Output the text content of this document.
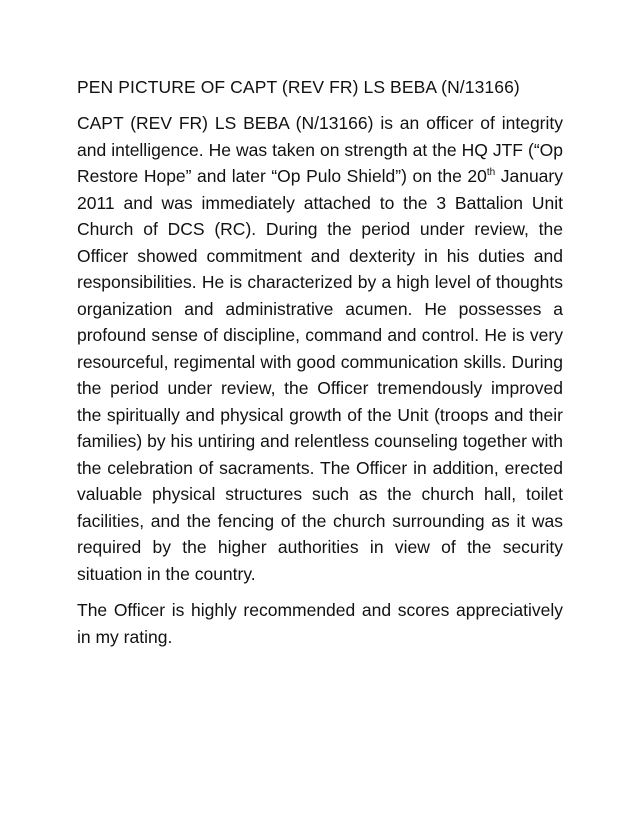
PEN PICTURE OF CAPT (REV FR) LS BEBA (N/13166)

CAPT (REV FR) LS BEBA (N/13166) is an officer of integrity and intelligence. He was taken on strength at the HQ JTF (“Op Restore Hope” and later “Op Pulo Shield”) on the 20th January 2011 and was immediately attached to the 3 Battalion Unit Church of DCS (RC). During the period under review, the Officer showed commitment and dexterity in his duties and responsibilities. He is characterized by a high level of thoughts organization and administrative acumen. He possesses a profound sense of discipline, command and control. He is very resourceful, regimental with good communication skills. During the period under review, the Officer tremendously improved the spiritually and physical growth of the Unit (troops and their families) by his untiring and relentless counseling together with the celebration of sacraments. The Officer in addition, erected valuable physical structures such as the church hall, toilet facilities, and the fencing of the church surrounding as it was required by the higher authorities in view of the security situation in the country.

The Officer is highly recommended and scores appreciatively in my rating.
